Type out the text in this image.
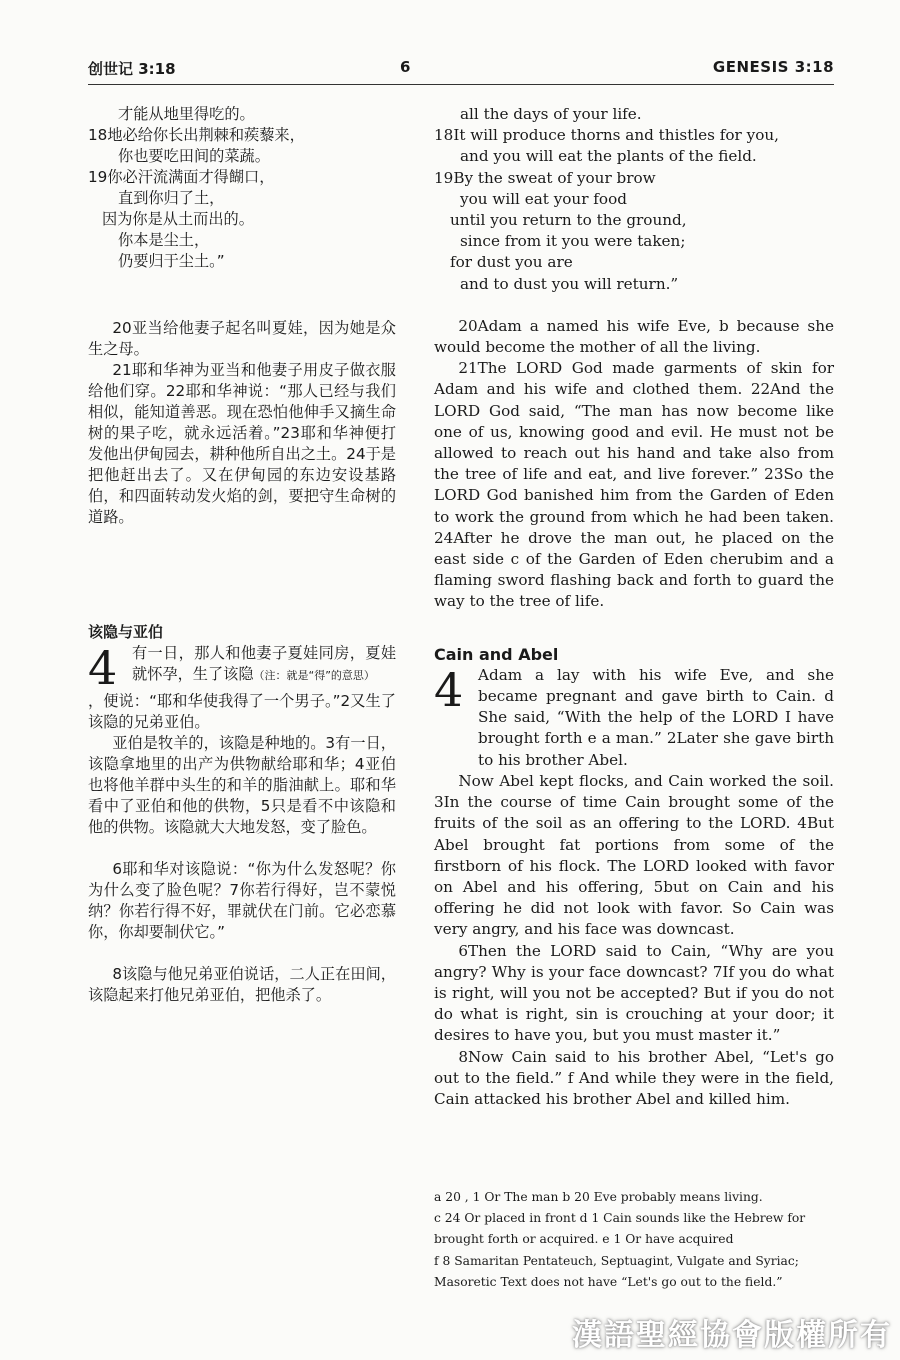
创世记 3:18	6	GENESIS 3:18

才能从地里得吃的。

18地必给你长出荆棘和蒺藜来，

你也要吃田间的菜蔬。

19你必汗流满面才得餬口，

直到你归了土，

因为你是从土而出的。

你本是尘土，

仍要归于尘土。”

20亚当给他妻子起名叫夏娃，因为她是众生之母。

21耶和华神为亚当和他妻子用皮子做衣服给他们穿。22耶和华神说：“那人已经与我们相似，能知道善恶。现在恐怕他伸手又摘生命树的果子吃，就永远活着。”23耶和华神便打发他出伊甸园去，耕种他所自出之土。24于是把他赶出去了。又在伊甸园的东边安设基路伯，和四面转动发火焰的剑，要把守生命树的道路。

该隐与亚伯

4 有一日，那人和他妻子夏娃同房，夏娃就怀孕，生了该隐（注：就是“得”的意思）

，便说：“耶和华使我得了一个男子。”2又生了该隐的兄弟亚伯。

亚伯是牧羊的，该隐是种地的。3有一日，该隐拿地里的出产为供物献给耶和华；4亚伯也将他羊群中头生的和羊的脂油献上。耶和华看中了亚伯和他的供物，5只是看不中该隐和他的供物。该隐就大大地发怒，变了脸色。

6耶和华对该隐说：“你为什么发怒呢？你为什么变了脸色呢？7你若行得好，岂不蒙悦纳？你若行得不好，罪就伏在门前。它必恋慕你，你却要制伏它。”

8该隐与他兄弟亚伯说话，二人正在田间，该隐起来打他兄弟亚伯，把他杀了。

all the days of your life.

18It will produce thorns and thistles for you,

and you will eat the plants of the field.

19By the sweat of your brow

you will eat your food

until you return to the ground,

since from it you were taken;

for dust you are

and to dust you will return.”

20Adam a named his wife Eve, b because she would become the mother of all the living.

21The LORD God made garments of skin for Adam and his wife and clothed them. 22And the LORD God said, “The man has now become like one of us, knowing good and evil. He must not be allowed to reach out his hand and take also from the tree of life and eat, and live forever.” 23So the LORD God banished him from the Garden of Eden to work the ground from which he had been taken. 24After he drove the man out, he placed on the east side c of the Garden of Eden cherubim and a flaming sword flashing back and forth to guard the way to the tree of life.

Cain and Abel

4 Adam a lay with his wife Eve, and she became pregnant and gave birth to Cain. d She said, “With the help of the LORD I have brought forth e a man.” 2Later she gave birth to his brother Abel.

Now Abel kept flocks, and Cain worked the soil. 3In the course of time Cain brought some of the fruits of the soil as an offering to the LORD. 4But Abel brought fat portions from some of the firstborn of his flock. The LORD looked with favor on Abel and his offering, 5but on Cain and his offering he did not look with favor. So Cain was very angry, and his face was downcast.

6Then the LORD said to Cain, “Why are you angry? Why is your face downcast? 7If you do what is right, will you not be accepted? But if you do not do what is right, sin is crouching at your door; it desires to have you, but you must master it.”

8Now Cain said to his brother Abel, “Let's go out to the field.” f And while they were in the field, Cain attacked his brother Abel and killed him.

a 20 , 1 Or The man b 20 Eve probably means living.

c 24 Or placed in front d 1 Cain sounds like the Hebrew for

brought forth or acquired. e 1 Or have acquired

f 8 Samaritan Pentateuch, Septuagint, Vulgate and Syriac;

Masoretic Text does not have “Let's go out to the field.”

漢語聖經協會版權所有
